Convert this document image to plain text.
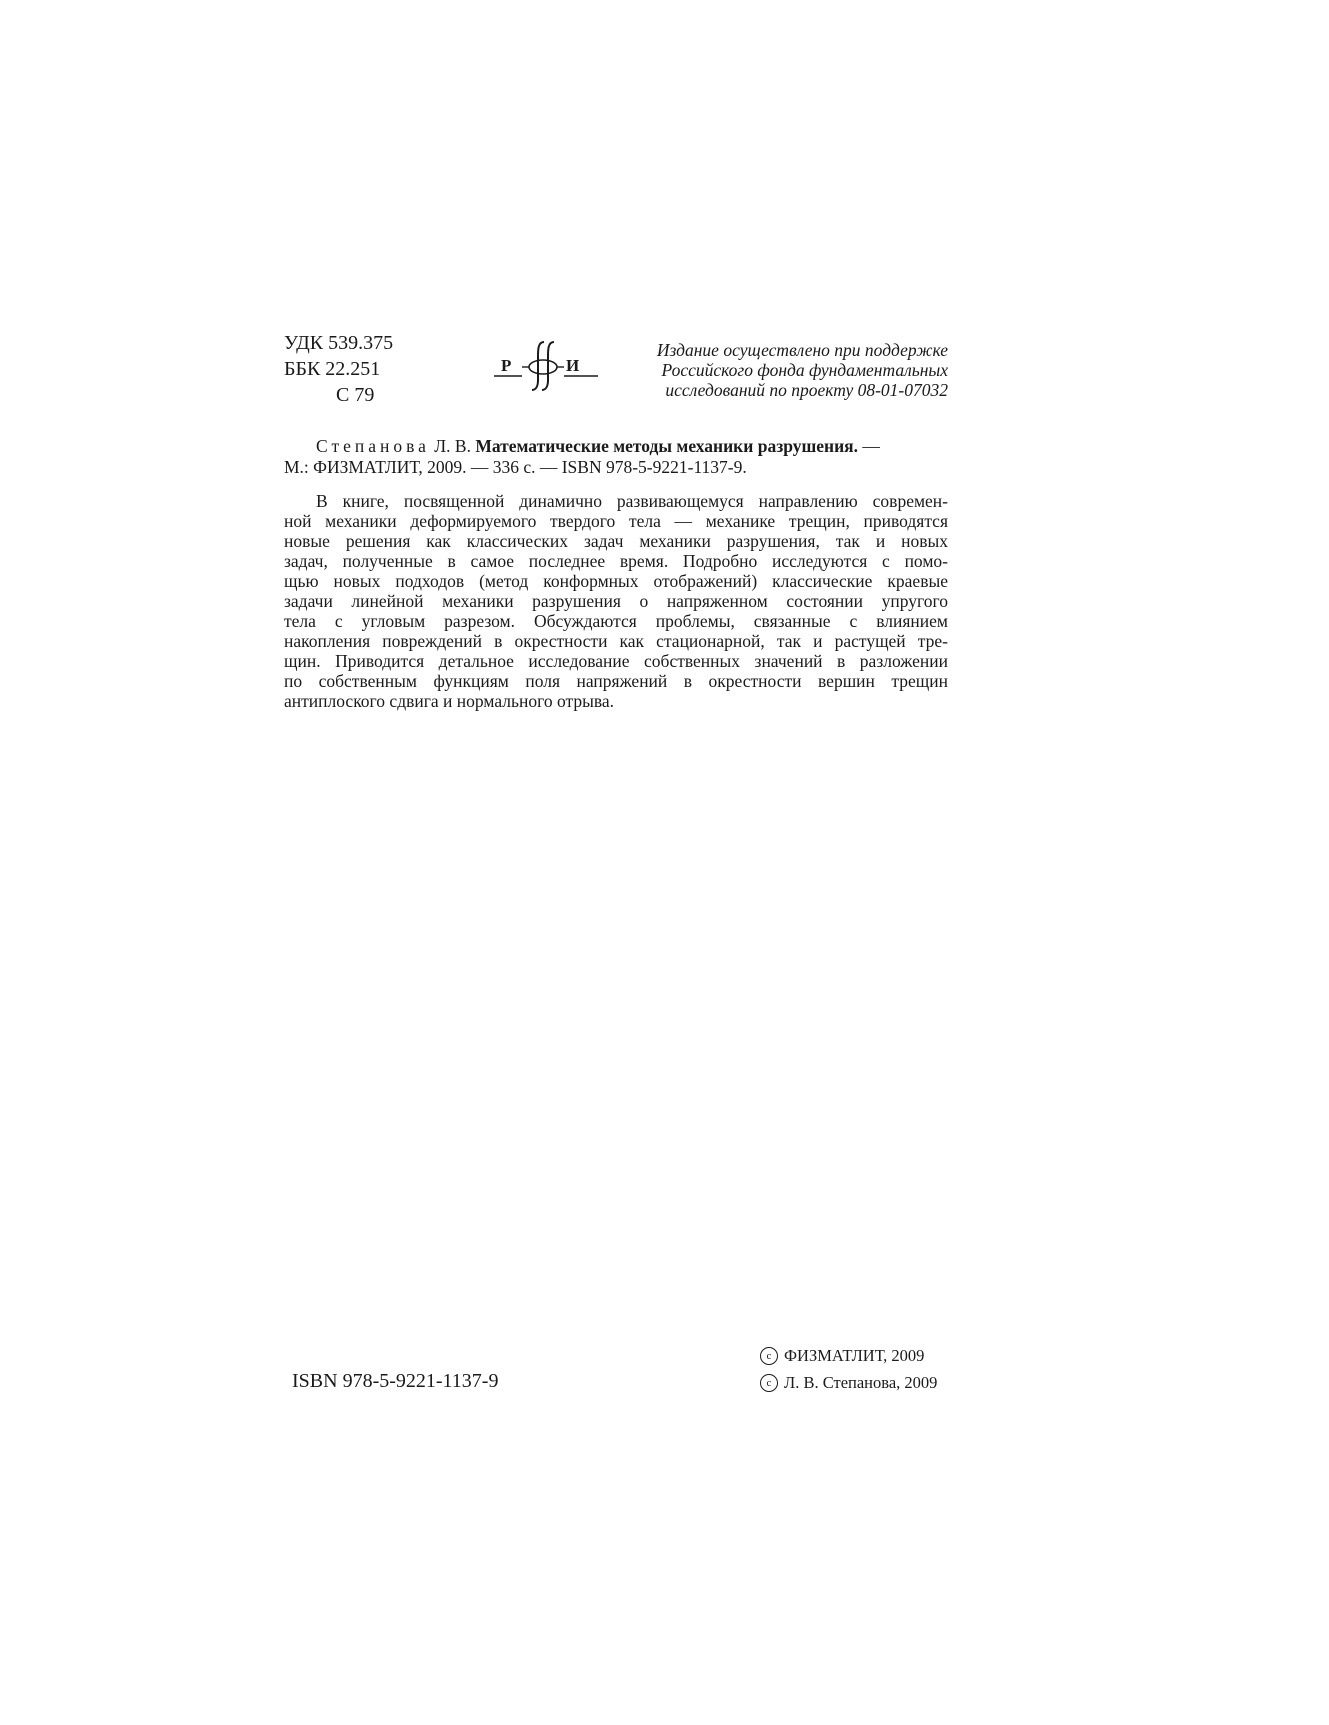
УДК 539.375
ББК 22.251
С 79
Р	И
Издание осуществлено при поддержке
Российского фонда фундаментальных
исследований по проекту 08-01-07032
Степанова Л. В. Математические методы механики разрушения. —
М.: ФИЗМАТЛИТ, 2009. — 336 с. — ISBN 978-5-9221-1137-9.
В книге, посвященной динамично развивающемуся направлению современ-
ной механики деформируемого твердого тела — механике трещин, приводятся
новые решения как классических задач механики разрушения, так и новых
задач, полученные в самое последнее время. Подробно исследуются с помо-
щью новых подходов (метод конформных отображений) классические краевые
задачи линейной механики разрушения о напряженном состоянии упругого
тела с угловым разрезом. Обсуждаются проблемы, связанные с влиянием
накопления повреждений в окрестности как стационарной, так и растущей тре-
щин. Приводится детальное исследование собственных значений в разложении
по собственным функциям поля напряжений в окрестности вершин трещин
антиплоского сдвига и нормального отрыва.
ISBN 978-5-9221-1137-9
c ФИЗМАТЛИТ, 2009
c Л. В. Степанова, 2009
